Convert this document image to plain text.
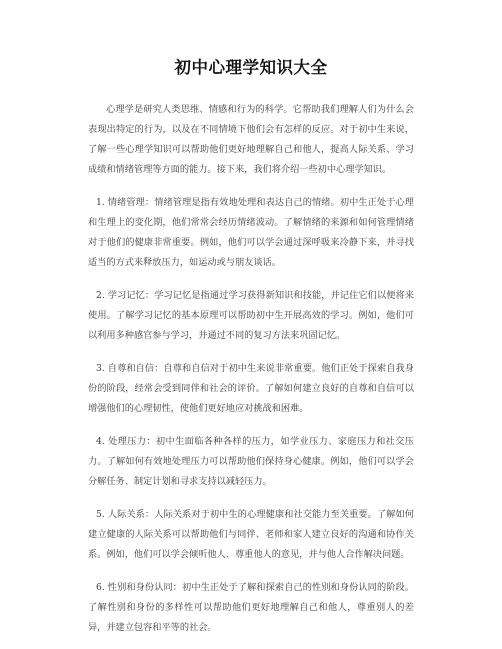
初中心理学知识大全

心理学是研究人类思维、情感和行为的科学。它帮助我们理解人们为什么会表现出特定的行为，以及在不同情境下他们会有怎样的反应。对于初中生来说，了解一些心理学知识可以帮助他们更好地理解自己和他人，提高人际关系、学习成绩和情绪管理等方面的能力。接下来，我们将介绍一些初中心理学知识。

1. 情绪管理：情绪管理是指有效地处理和表达自己的情绪。初中生正处于心理和生理上的变化期，他们常常会经历情绪波动。了解情绪的来源和如何管理情绪对于他们的健康非常重要。例如，他们可以学会通过深呼吸来冷静下来，并寻找适当的方式来释放压力，如运动或与朋友谈话。

2. 学习记忆：学习记忆是指通过学习获得新知识和技能，并记住它们以便将来使用。了解学习记忆的基本原理可以帮助初中生开展高效的学习。例如，他们可以利用多种感官参与学习，并通过不同的复习方法来巩固记忆。

3. 自尊和自信：自尊和自信对于初中生来说非常重要。他们正处于探索自我身份的阶段，经常会受到同伴和社会的评价。了解如何建立良好的自尊和自信可以增强他们的心理韧性，使他们更好地应对挑战和困难。

4. 处理压力：初中生面临各种各样的压力，如学业压力、家庭压力和社交压力。了解如何有效地处理压力可以帮助他们保持身心健康。例如，他们可以学会分解任务、制定计划和寻求支持以减轻压力。

5. 人际关系：人际关系对于初中生的心理健康和社交能力至关重要。了解如何建立健康的人际关系可以帮助他们与同伴、老师和家人建立良好的沟通和协作关系。例如，他们可以学会倾听他人、尊重他人的意见，并与他人合作解决问题。

6. 性别和身份认同：初中生正处于了解和探索自己的性别和身份认同的阶段。了解性别和身份的多样性可以帮助他们更好地理解自己和他人，尊重别人的差异，并建立包容和平等的社会。
